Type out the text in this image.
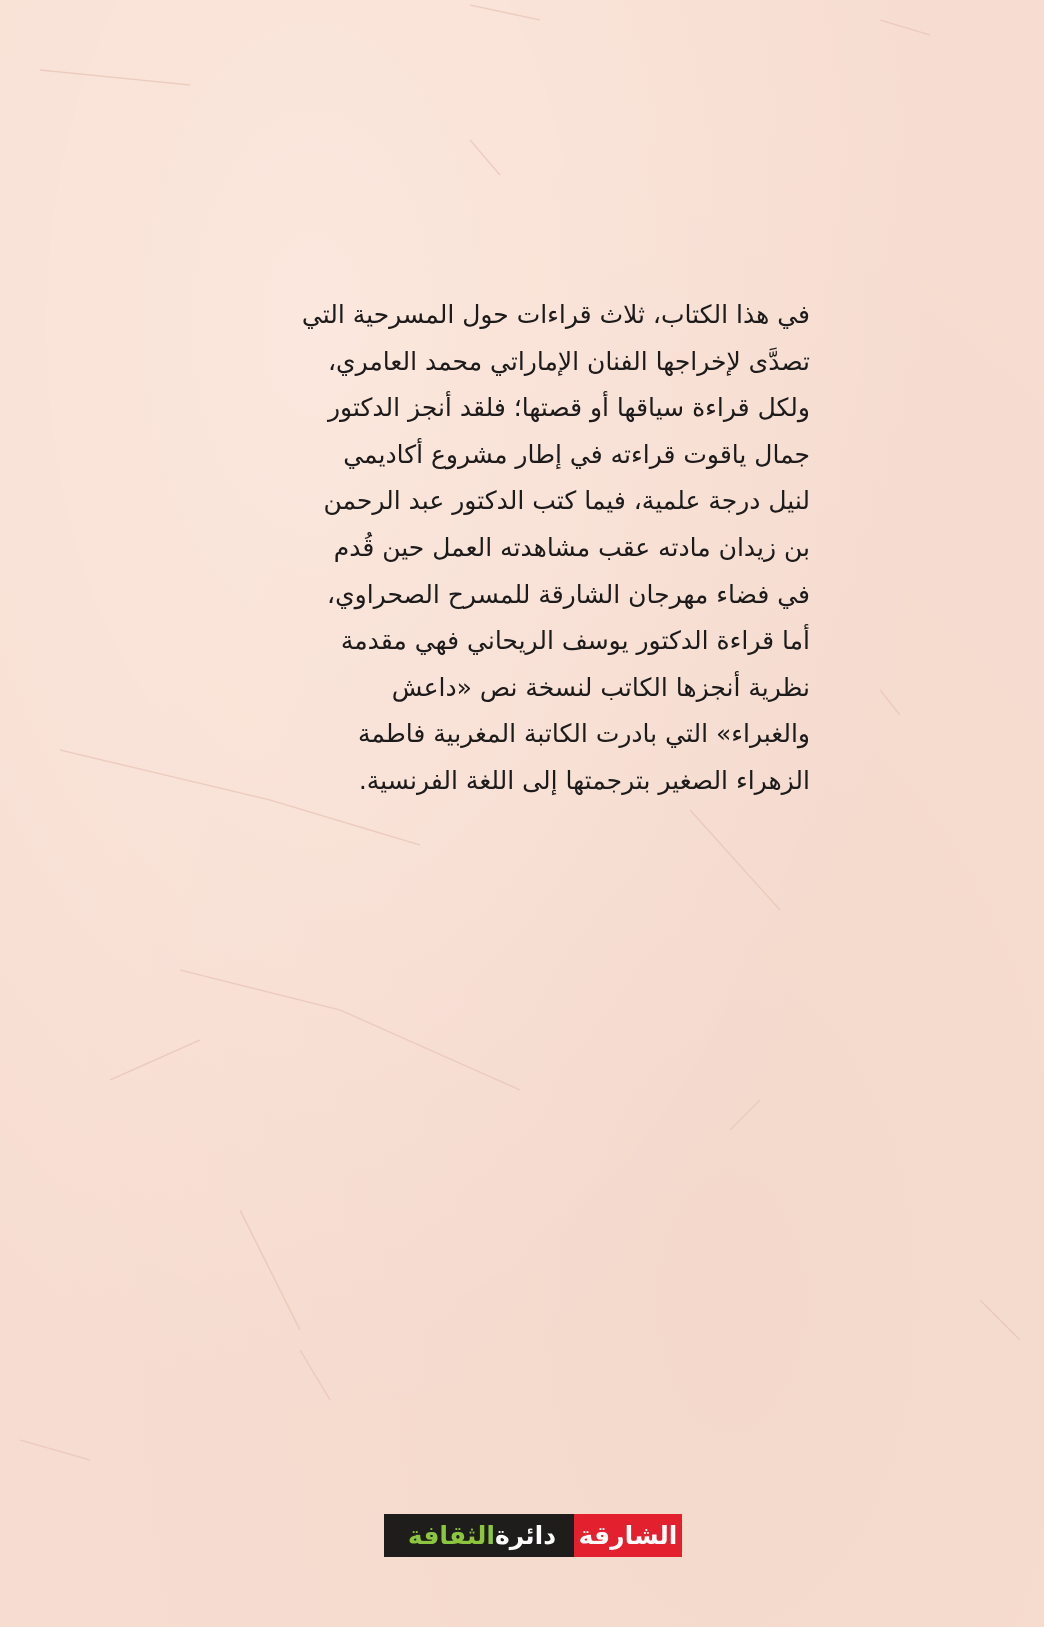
في هذا الكتاب، ثلاث قراءات حول المسرحية التي
تصدَّى لإخراجها الفنان الإماراتي محمد العامري،
ولكل قراءة سياقها أو قصتها؛ فلقد أنجز الدكتور
جمال ياقوت قراءته في إطار مشروع أكاديمي
لنيل درجة علمية، فيما كتب الدكتور عبد الرحمن
بن زيدان مادته عقب مشاهدته العمل حين قُدم
في فضاء مهرجان الشارقة للمسرح الصحراوي،
أما قراءة الدكتور يوسف الريحاني فهي مقدمة
نظرية أنجزها الكاتب لنسخة نص «داعش
والغبراء» التي بادرت الكاتبة المغربية فاطمة
الزهراء الصغير بترجمتها إلى اللغة الفرنسية.
دائرة
الثقافة	الشارقة
